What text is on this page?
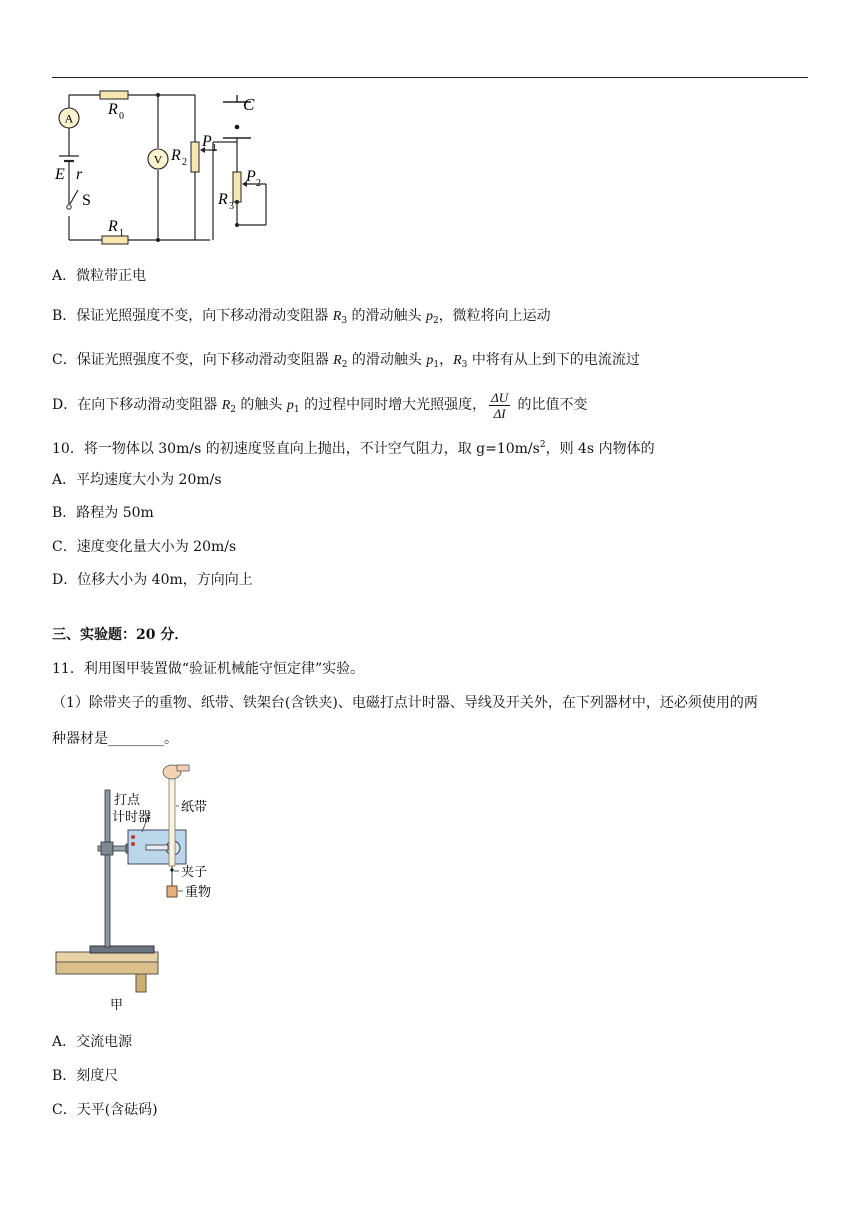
A
V
R 0
R 1
R 2
R 3
P 1
P 2
C
E r
S
A．微粒带正电
B．保证光照强度不变，向下移动滑动变阻器 $R_3$ 的滑动触头 $p_2$，微粒将向上运动
C．保证光照强度不变，向下移动滑动变阻器 $R_2$ 的滑动触头 $p_1$，$R_3$ 中将有从上到下的电流流过
D．在向下移动滑动变阻器 $R_2$ 的触头 $p_1$ 的过程中同时增大光照强度， $\frac{\Delta U}{\Delta I}$ 的比值不变
10．将一物体以 30m/s 的初速度竖直向上抛出，不计空气阻力，取 $g=10m/s^2$，则 4s 内物体的
A．平均速度大小为 20m/s
B．路程为 50m
C．速度变化量大小为 20m/s
D．位移大小为 40m，方向向上
三、实验题：20 分．
11．利用图甲装置做“验证机械能守恒定律”实验。
（1）除带夹子的重物、纸带、铁架台(含铁夹)、电磁打点计时器、导线及开关外，在下列器材中，还必须使用的两
种器材是________。
打点
计时器
纸带
夹子
重物
甲
A．交流电源
B．刻度尺
C．天平(含砝码)
